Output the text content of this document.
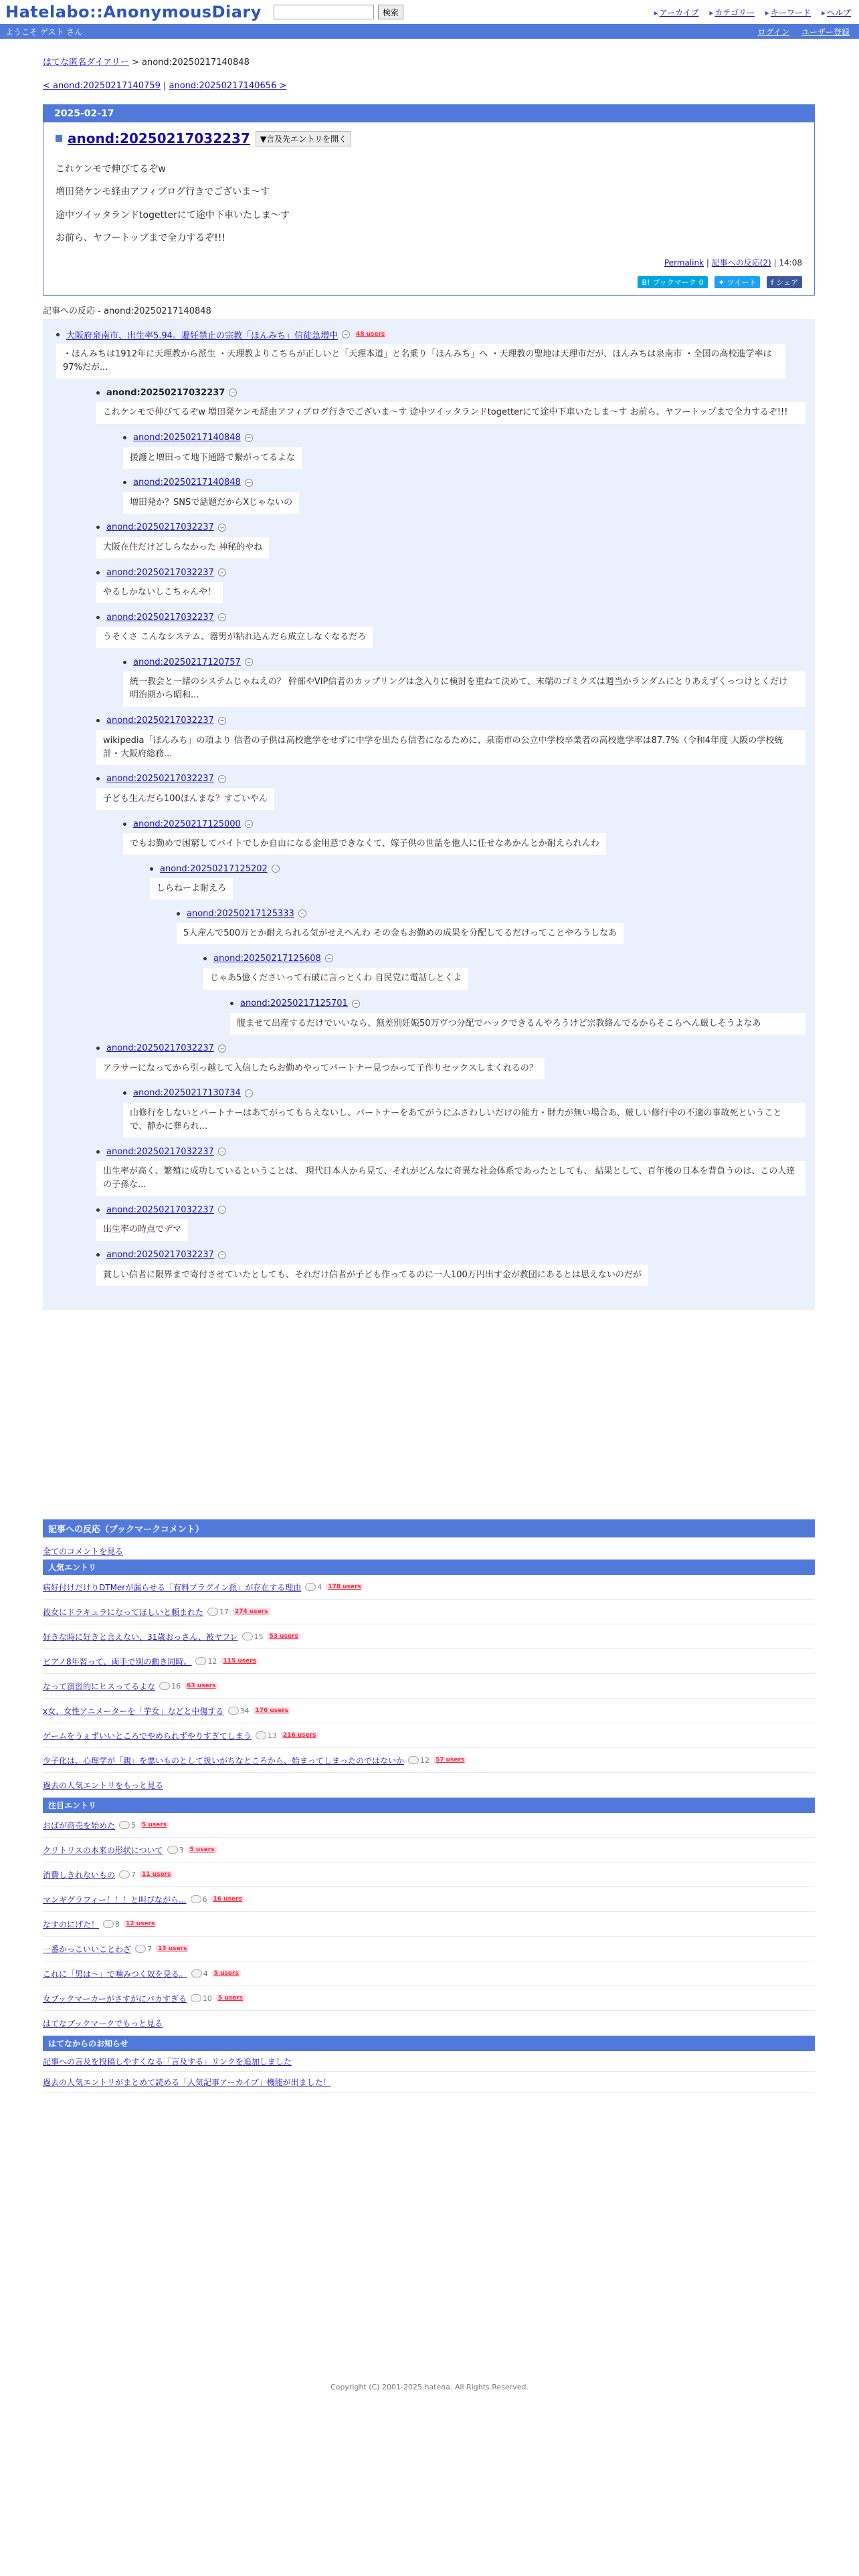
Hatelabo::AnonymousDiary	検索	▸ アーカイブ	▸ カテゴリー	▸ キーワード	▸ ヘルプ
ようこそ ゲスト さん	ログイン ユーザー登録
はてな匿名ダイアリー > anond:20250217140848
< anond:20250217140759 | anond:20250217140656 >
2025-02-17
anond:20250217032237	▼言及先エントリを開く

これケンモで伸びてるぞw

増田発ケンモ経由アフィブログ行きでございま〜す

途中ツイッタランドtogetterにて途中下車いたしま〜す

お前ら、ヤフートップまで全力するぞ!!!

Permalink | 記事への反応(2) | 14:08
B! ブックマーク 0 ✦ ツイート f シェア
記事への反応 - anond:20250217140848
大阪府泉南市、出生率5.94。避妊禁止の宗教「ほんみち」信徒急増中	−	48 users
・ほんみちは1912年に天理教から派生 ・天理教よりこちらが正しいと「天理本道」と名乗り「ほんみち」へ ・天理教の聖地は天理市だが、ほんみちは泉南市 ・全国の高校進学率は97%だが...
anond:20250217032237	−
これケンモで伸びてるぞw 増田発ケンモ経由アフィブログ行きでございま〜す 途中ツイッタランドtogetterにて途中下車いたしま〜す お前ら、ヤフートップまで全力するぞ!!!
anond:20250217140848	−
援護と増田って地下通路で繋がってるよな
anond:20250217140848	−
増田発か？SNSで話題だからXじゃないの
anond:20250217032237	−
大阪在住だけどしらなかった 神秘的やね
anond:20250217032237	−
やるしかないしこちゃんや！
anond:20250217032237	−
うそくさ こんなシステム、器男が粘れ込んだら成立しなくなるだろ
anond:20250217120757	−
統一教会と一緒のシステムじゃねえの？ 幹部やVIP信者のカップリングは念入りに検討を重ねて決めて、末端のゴミクズは週当かランダムにとりあえずくっつけとくだけ 明治期から昭和...
anond:20250217032237	−
wikipedia「ほんみち」の項より 信者の子供は高校進学をせずに中学を出たら信者になるために、泉南市の公立中学校卒業者の高校進学率は87.7%（令和4年度 大阪の学校統計・大阪府総務...
anond:20250217032237	−
子ども生んだら100ほんまな？すごいやん
anond:20250217125000	−
でもお勤めで困窮してバイトでしか自由になる金用意できなくて、嫁子供の世話を他人に任せなあかんとか耐えられんわ
anond:20250217125202	−
しらねーよ耐えろ
anond:20250217125333	−
5人産んで500万とか耐えられる気がせえへんわ その金もお勤めの成果を分配してるだけってことやろうしなあ
anond:20250217125608	−
じゃあ5億くださいって石破に言っとくわ 自民党に電話しとくよ
anond:20250217125701	−
腹ませて出産するだけでいいなら、無差別妊娠50万ヴつ分配でハックできるんやろうけど宗教絡んでるからそこらへん厳しそうよなあ
anond:20250217032237	−
アラサーになってから引っ越して入信したらお勤めやってパートナー見つかって子作りセックスしまくれるの？
anond:20250217130734	−
山修行をしないとパートナーはあてがってもらえないし、パートナーをあてがうにふさわしいだけの能力・財力が無い場合あ、厳しい修行中の不適の事故死ということで、静かに葬られ...
anond:20250217032237	−
出生率が高く、繁殖に成功しているということは、 現代日本人から見て、それがどんなに奇異な社会体系であったとしても、 結果として、百年後の日本を背負うのは、この人達の子孫な...
anond:20250217032237	−
出生率の時点でデマ
anond:20250217032237	−
貧しい信者に限界まで寄付させていたとしても、それだけ信者が子ども作ってるのに一人100万円出す金が教団にあるとは思えないのだが
記事への反応（ブックマークコメント）
全てのコメントを見る
人気エントリ
病好付けだけりDTMerが漏らせる「有料プラグイン派」が存在する理由 4	178 users
彼女にドラキュラになってほしいと頼まれた 17	274 users
好きな時に好きと言えない、31歳おっさん、被ヤフレ 15	53 users
ピアノ8年習って、両手で別の動き同時。 12	115 users
なって演習的にヒスってるよな 16	63 users
x女、女性アニメーターを「芋女」などと中傷する 34	176 users
ゲームをうぇずいいところでやめられずやりすぎてしまう 13	216 users
少子化は、心理学が「親」を悪いものとして扱いがちなところから、始まってしまったのではないか 12	57 users
過去の人気エントリをもっと見る
注目エントリ
おばが商売を始めた 5	5 users
クリトリスの本来の形状について 3	5 users
消費しきれないもの 7	11 users
マンギグラフィー！！！と叫びながら... 6	16 users
なすのにげた！ 8	12 users
一番かっこいいことわざ 7	13 users
これに「男は〜」で噛みつく奴を見る。 4	5 users
女ブックマーカーがさすがにバカすぎる 10	5 users
はてなブックマークでもっと見る
はてなからのお知らせ
記事への言及を投稿しやすくなる「言及する」リンクを追加しました
過去の人気エントリがまとめて読める「人気記事アーカイブ」機能が出ました！
Copyright (C) 2001-2025 hatena. All Rights Reserved.
